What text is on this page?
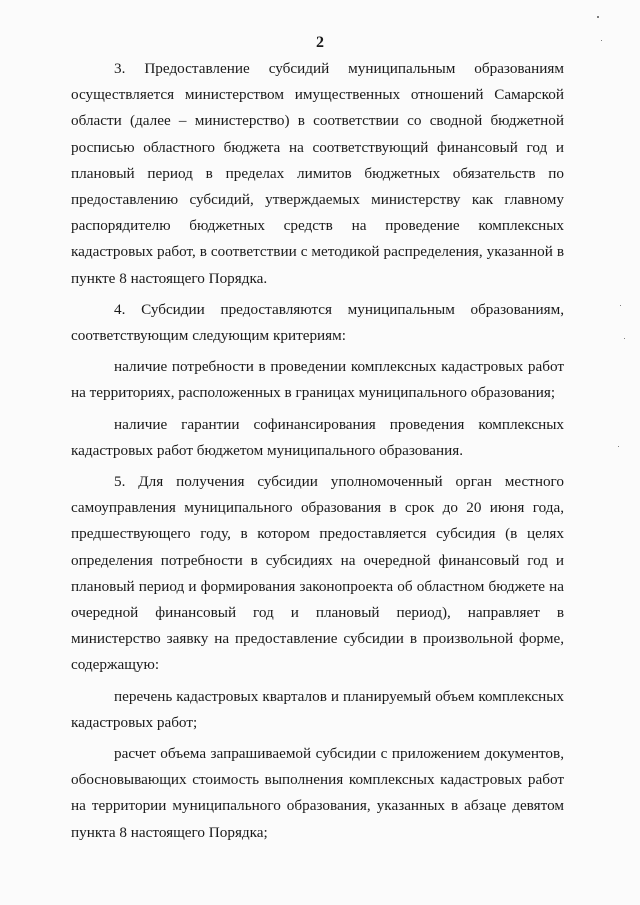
2

3. Предоставление субсидий муниципальным образованиям осуществляется министерством имущественных отношений Самарской области (далее – министерство) в соответствии со сводной бюджетной росписью областного бюджета на соответствующий финансовый год и плановый период в пределах лимитов бюджетных обязательств по предоставлению субсидий, утверждаемых министерству как главному распорядителю бюджетных средств на проведение комплексных кадастровых работ, в соответствии с методикой распределения, указанной в пункте 8 настоящего Порядка.

4. Субсидии предоставляются муниципальным образованиям, соответствующим следующим критериям:

наличие потребности в проведении комплексных кадастровых работ на территориях, расположенных в границах муниципального образования;

наличие гарантии софинансирования проведения комплексных кадастровых работ бюджетом муниципального образования.

5. Для получения субсидии уполномоченный орган местного самоуправления муниципального образования в срок до 20 июня года, предшествующего году, в котором предоставляется субсидия (в целях определения потребности в субсидиях на очередной финансовый год и плановый период и формирования законопроекта об областном бюджете на очередной финансовый год и плановый период), направляет в министерство заявку на предоставление субсидии в произвольной форме, содержащую:

перечень кадастровых кварталов и планируемый объем комплексных кадастровых работ;

расчет объема запрашиваемой субсидии с приложением документов, обосновывающих стоимость выполнения комплексных кадастровых работ на территории муниципального образования, указанных в абзаце девятом пункта 8 настоящего Порядка;
